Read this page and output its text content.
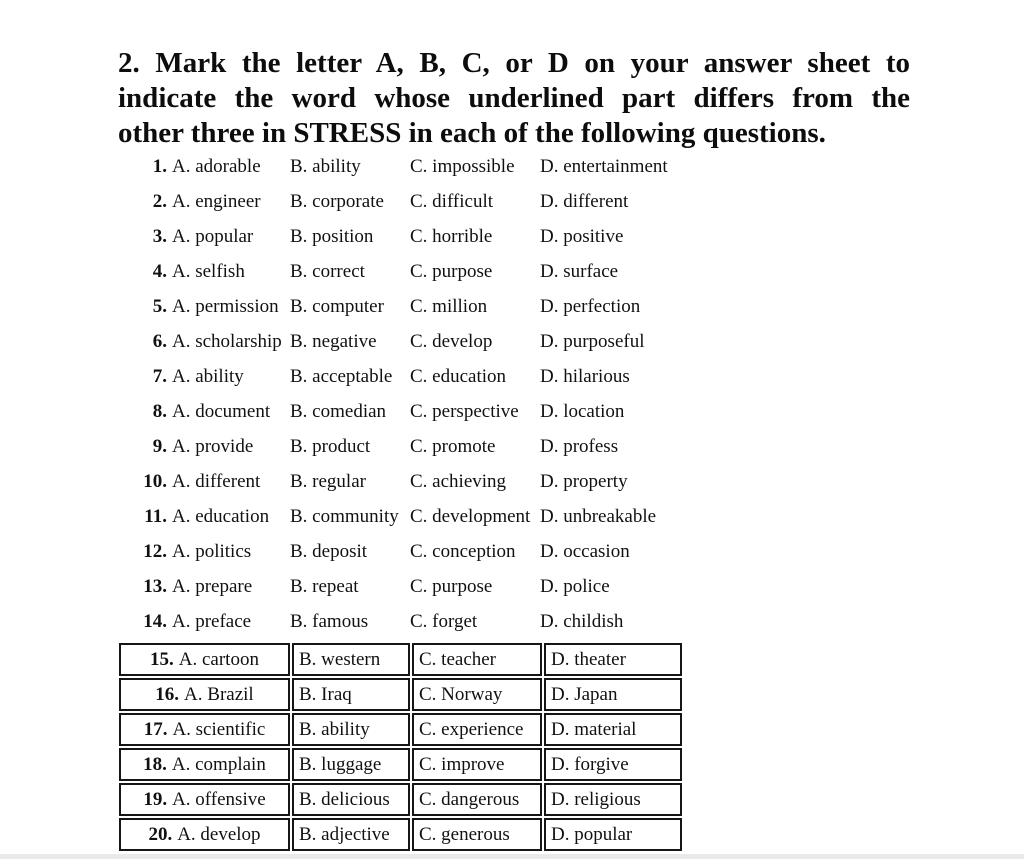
2. Mark the letter A, B, C, or D on your answer sheet to
indicate the word whose underlined part differs from the
other three in STRESS in each of the following questions.
1. A. adorable	B. ability	C. impossible	D. entertainment
2. A. engineer	B. corporate	C. difficult	D. different
3. A. popular	B. position	C. horrible	D. positive
4. A. selfish	B. correct	C. purpose	D. surface
5. A. permission B. computer	C. million	D. perfection
6. A. scholarship B. negative	C. develop	D. purposeful
7. A. ability	B. acceptable C. education	D. hilarious
8. A. document	B. comedian	C. perspective	D. location
9. A. provide	B. product	C. promote	D. profess
10. A. different	B. regular	C. achieving	D. property
11. A. education	B. community C. development D. unbreakable
12. A. politics	B. deposit	C. conception	D. occasion
13. A. prepare	B. repeat	C. purpose	D. police
14. A. preface	B. famous	C. forget	D. childish
15. A. cartoon	B. western	C. teacher	D. theater
16. A. Brazil	B. Iraq	C. Norway	D. Japan
17. A. scientific	B. ability	C. experience	D. material
18. A. complain	B. luggage	C. improve	D. forgive
19. A. offensive	B. delicious	C. dangerous	D. religious
20. A. develop	B. adjective	C. generous	D. popular
